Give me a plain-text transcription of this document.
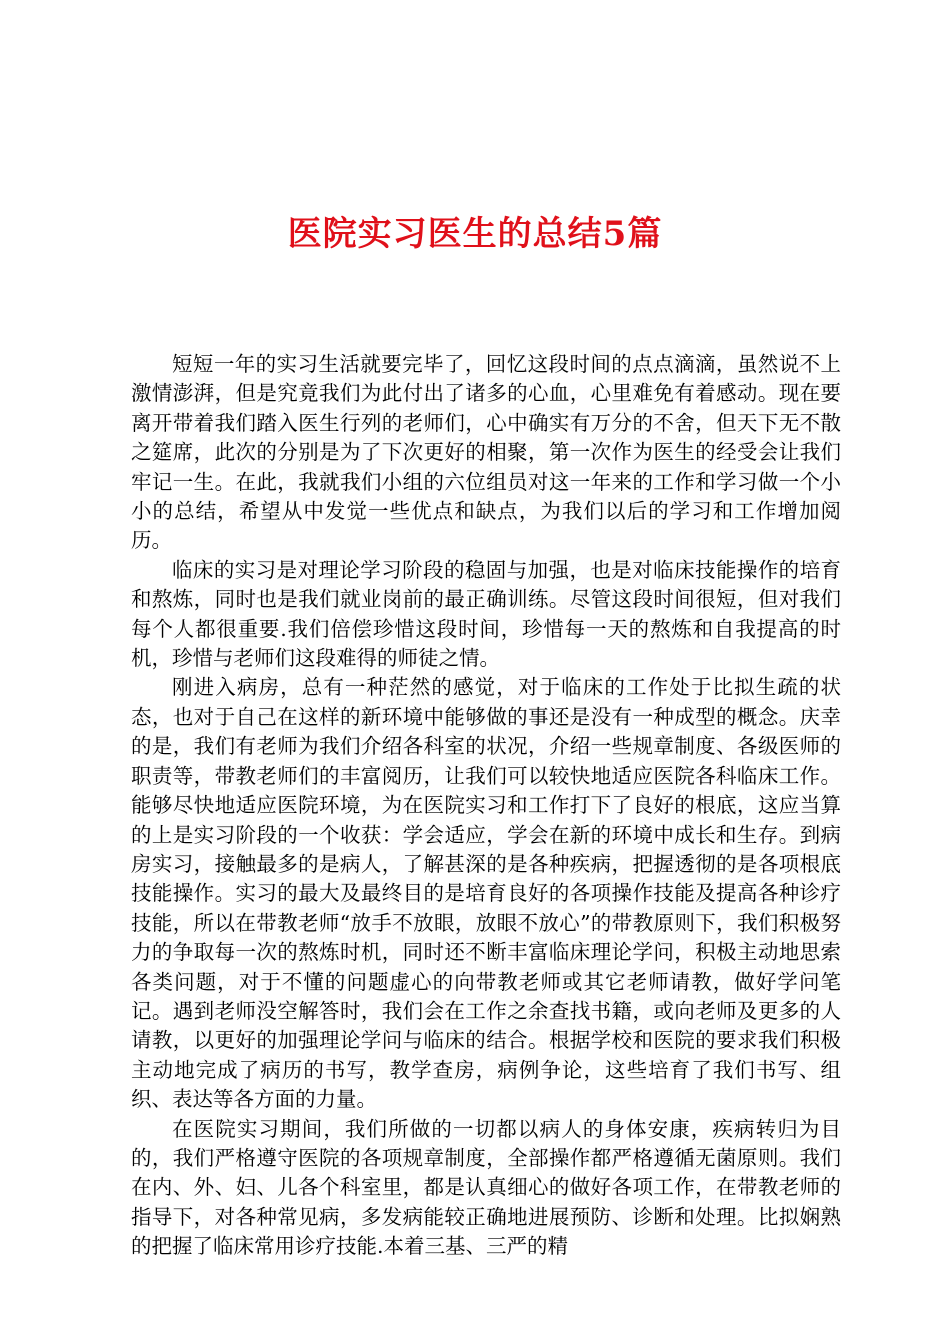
医院实习医生的总结5篇

短短一年的实习生活就要完毕了，回忆这段时间的点点滴滴，虽然说不上激情澎湃，但是究竟我们为此付出了诸多的心血，心里难免有着感动。现在要离开带着我们踏入医生行列的老师们，心中确实有万分的不舍，但天下无不散之筵席，此次的分别是为了下次更好的相聚，第一次作为医生的经受会让我们牢记一生。在此，我就我们小组的六位组员对这一年来的工作和学习做一个小小的总结，希望从中发觉一些优点和缺点，为我们以后的学习和工作增加阅历。

临床的实习是对理论学习阶段的稳固与加强，也是对临床技能操作的培育和熬炼，同时也是我们就业岗前的最正确训练。尽管这段时间很短，但对我们每个人都很重要.我们倍偿珍惜这段时间，珍惜每一天的熬炼和自我提高的时机，珍惜与老师们这段难得的师徒之情。

刚进入病房，总有一种茫然的感觉，对于临床的工作处于比拟生疏的状态，也对于自己在这样的新环境中能够做的事还是没有一种成型的概念。庆幸的是，我们有老师为我们介绍各科室的状况，介绍一些规章制度、各级医师的职责等，带教老师们的丰富阅历，让我们可以较快地适应医院各科临床工作。能够尽快地适应医院环境，为在医院实习和工作打下了良好的根底，这应当算的上是实习阶段的一个收获：学会适应，学会在新的环境中成长和生存。到病房实习，接触最多的是病人，了解甚深的是各种疾病，把握透彻的是各项根底技能操作。实习的最大及最终目的是培育良好的各项操作技能及提高各种诊疗技能，所以在带教老师“放手不放眼，放眼不放心”的带教原则下，我们积极努力的争取每一次的熬炼时机，同时还不断丰富临床理论学问，积极主动地思索各类问题，对于不懂的问题虚心的向带教老师或其它老师请教，做好学问笔记。遇到老师没空解答时，我们会在工作之余查找书籍，或向老师及更多的人请教，以更好的加强理论学问与临床的结合。根据学校和医院的要求我们积极主动地完成了病历的书写，教学查房，病例争论，这些培育了我们书写、组织、表达等各方面的力量。

在医院实习期间，我们所做的一切都以病人的身体安康，疾病转归为目的，我们严格遵守医院的各项规章制度，全部操作都严格遵循无菌原则。我们在内、外、妇、儿各个科室里，都是认真细心的做好各项工作，在带教老师的指导下，对各种常见病，多发病能较正确地进展预防、诊断和处理。比拟娴熟的把握了临床常用诊疗技能.本着三基、三严的精
